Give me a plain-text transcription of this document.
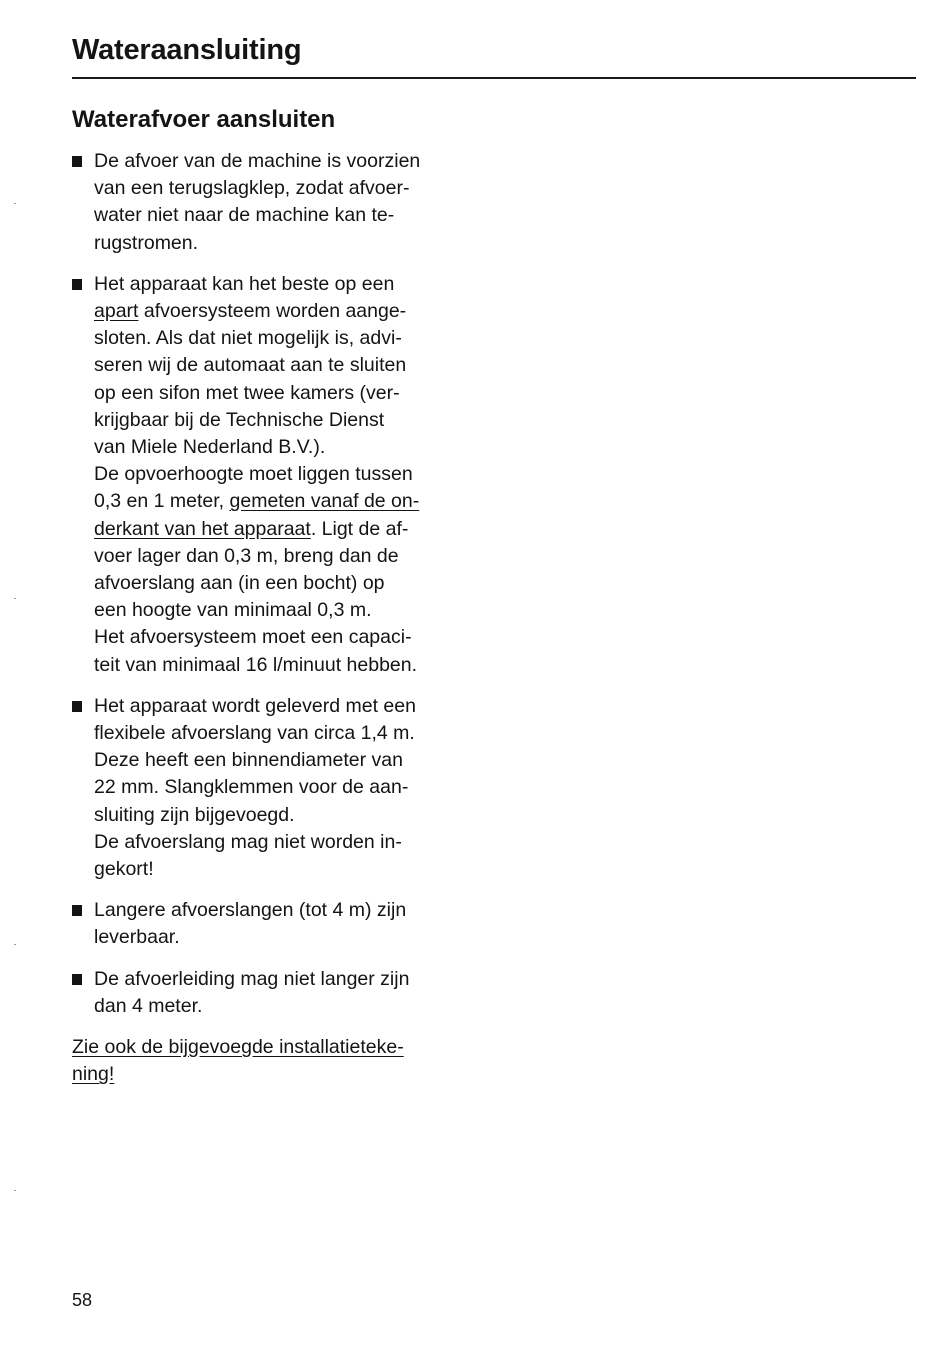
Wateraansluiting
Waterafvoer aansluiten
De afvoer van de machine is voorzien
van een terugslagklep, zodat afvoer-
water niet naar de machine kan te-
rugstromen.
Het apparaat kan het beste op een
apart afvoersysteem worden aange-
sloten. Als dat niet mogelijk is, advi-
seren wij de automaat aan te sluiten
op een sifon met twee kamers (ver-
krijgbaar bij de Technische Dienst
van Miele Nederland B.V.).
De opvoerhoogte moet liggen tussen
0,3 en 1 meter, gemeten vanaf de on-
derkant van het apparaat. Ligt de af-
voer lager dan 0,3 m, breng dan de
afvoerslang aan (in een bocht) op
een hoogte van minimaal 0,3 m.
Het afvoersysteem moet een capaci-
teit van minimaal 16 l/minuut hebben.
Het apparaat wordt geleverd met een
flexibele afvoerslang van circa 1,4 m.
Deze heeft een binnendiameter van
22 mm. Slangklemmen voor de aan-
sluiting zijn bijgevoegd.
De afvoerslang mag niet worden in-
gekort!
Langere afvoerslangen (tot 4 m) zijn
leverbaar.
De afvoerleiding mag niet langer zijn
dan 4 meter.
Zie ook de bijgevoegde installatieteke-
ning!
58
